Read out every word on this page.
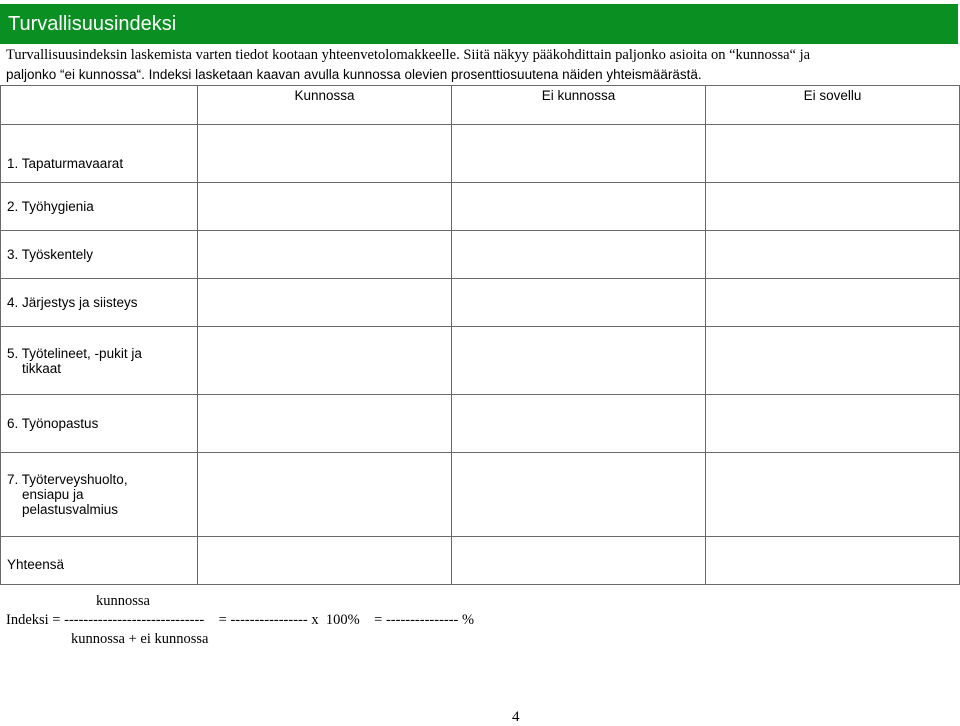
Turvallisuusindeksi

Turvallisuusindeksin laskemista varten tiedot kootaan yhteenvetolomakkeelle. Siitä näkyy pääkohdittain paljonko asioita on “kunnossa“ ja

paljonko “ei kunnossa“. Indeksi lasketaan kaavan avulla kunnossa olevien prosenttiosuutena näiden yhteismäärästä.

	Kunnossa	Ei kunnossa	Ei sovellu
1. Tapaturmavaarat			
2. Työhygienia			
3. Työskentely			
4. Järjestys ja siisteys			
5. Työtelineet, -pukit ja
tikkaat			
6. Työnopastus			
7. Työterveyshuolto,
ensiapu ja
pelastusvalmius			
Yhteensä			

kunnossa

Indeksi = -----------------------------    = ---------------- x  100%    = --------------- %

kunnossa + ei kunnossa

4
